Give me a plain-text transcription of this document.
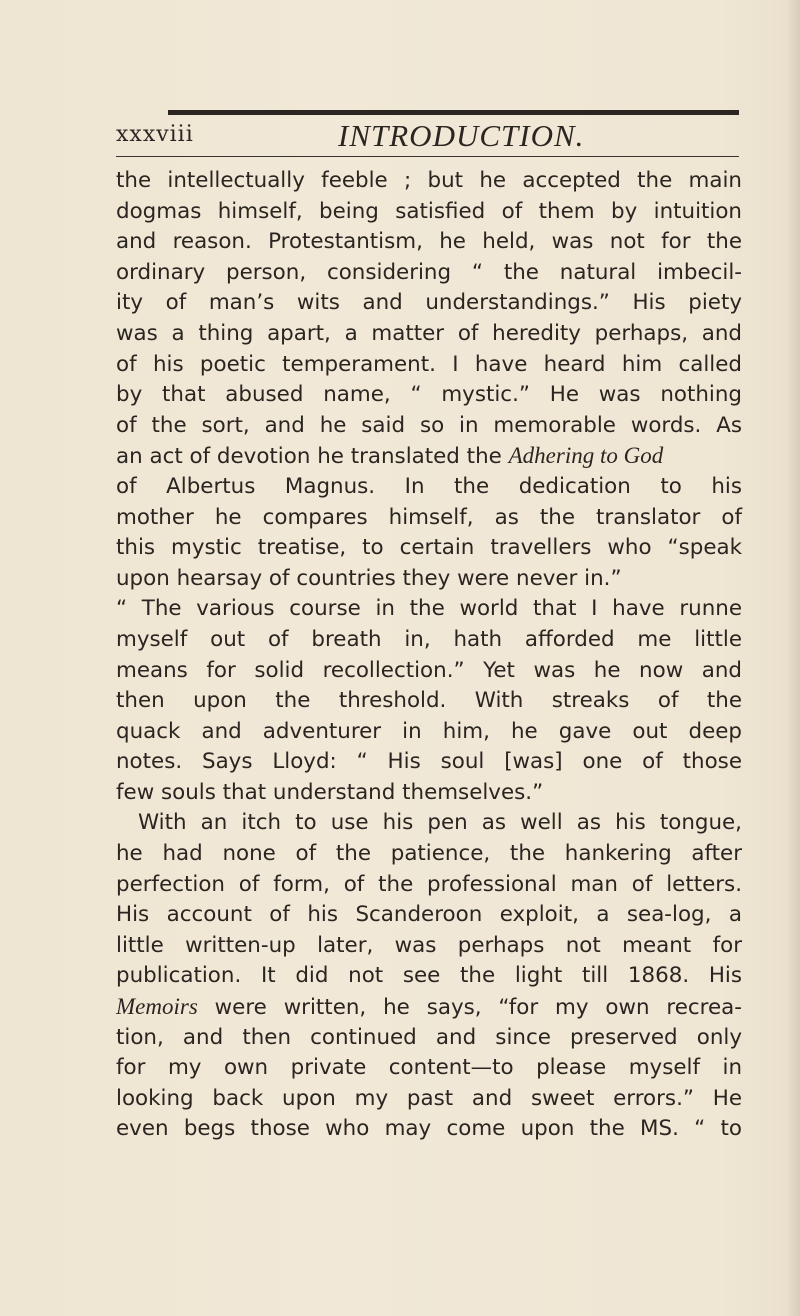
xxxviii	INTRODUCTION.
the intellectually feeble ; but he accepted the main
dogmas himself, being satisfied of them by intuition
and reason. Protestantism, he held, was not for the
ordinary person, considering “ the natural imbecil-
ity of man’s wits and understandings.” His piety
was a thing apart, a matter of heredity perhaps, and
of his poetic temperament. I have heard him called
by that abused name, “ mystic.” He was nothing
of the sort, and he said so in memorable words. As
an act of devotion he translated the Adhering to God
of Albertus Magnus. In the dedication to his
mother he compares himself, as the translator of
this mystic treatise, to certain travellers who “speak
upon hearsay of countries they were never in.”
“ The various course in the world that I have runne
myself out of breath in, hath afforded me little
means for solid recollection.” Yet was he now and
then upon the threshold. With streaks of the
quack and adventurer in him, he gave out deep
notes. Says Lloyd: “ His soul [was] one of those
few souls that understand themselves.”
With an itch to use his pen as well as his tongue,
he had none of the patience, the hankering after
perfection of form, of the professional man of letters.
His account of his Scanderoon exploit, a sea-log, a
little written-up later, was perhaps not meant for
publication. It did not see the light till 1868. His
Memoirs were written, he says, “for my own recrea-
tion, and then continued and since preserved only
for my own private content—to please myself in
looking back upon my past and sweet errors.” He
even begs those who may come upon the MS. “ to
